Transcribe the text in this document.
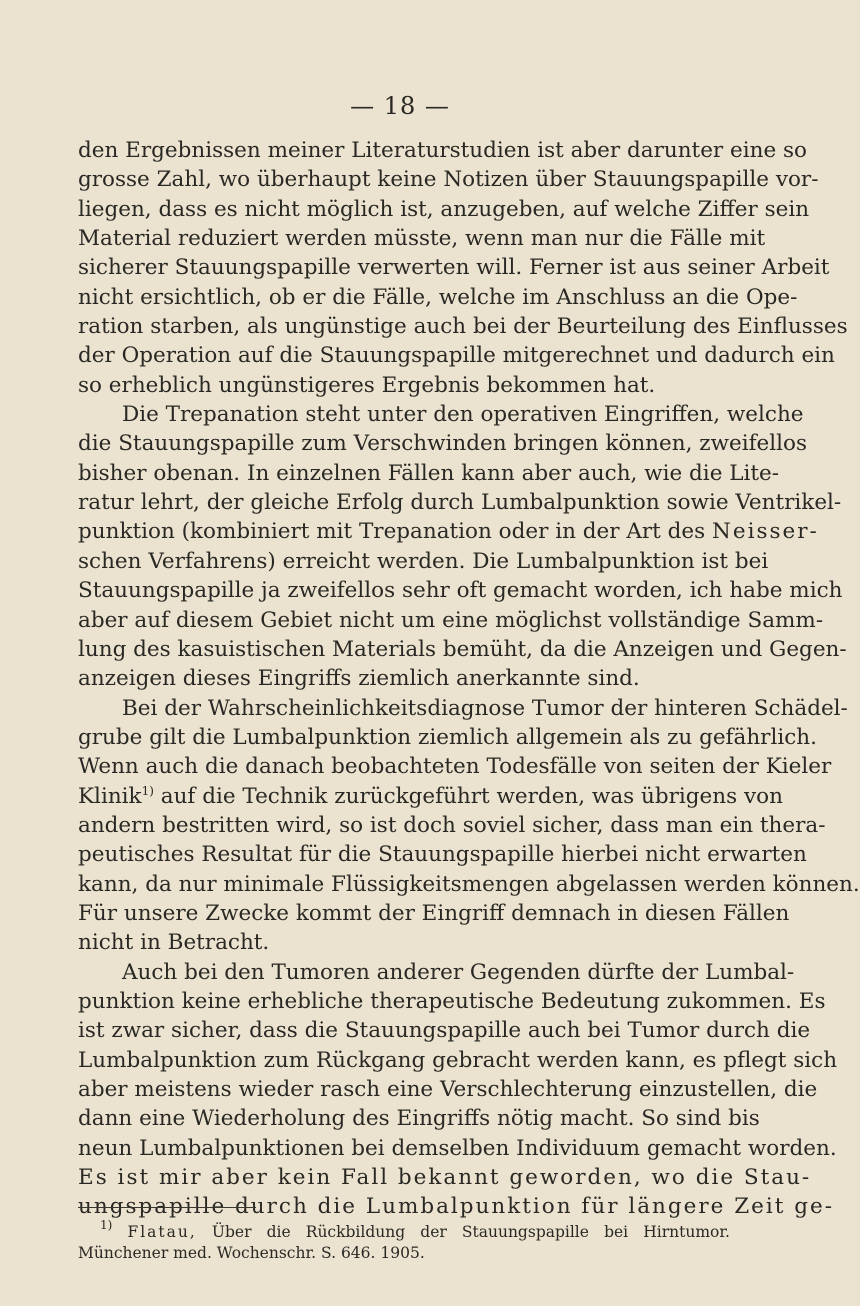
— 18 —
den Ergebnissen meiner Literaturstudien ist aber darunter eine so
grosse Zahl, wo überhaupt keine Notizen über Stauungspapille vor-
liegen, dass es nicht möglich ist, anzugeben, auf welche Ziffer sein
Material reduziert werden müsste, wenn man nur die Fälle mit
sicherer Stauungspapille verwerten will. Ferner ist aus seiner Arbeit
nicht ersichtlich, ob er die Fälle, welche im Anschluss an die Ope-
ration starben, als ungünstige auch bei der Beurteilung des Einflusses
der Operation auf die Stauungspapille mitgerechnet und dadurch ein
so erheblich ungünstigeres Ergebnis bekommen hat.
Die Trepanation steht unter den operativen Eingriffen, welche
die Stauungspapille zum Verschwinden bringen können, zweifellos
bisher obenan. In einzelnen Fällen kann aber auch, wie die Lite-
ratur lehrt, der gleiche Erfolg durch Lumbalpunktion sowie Ventrikel-
punktion (kombiniert mit Trepanation oder in der Art des Neisser-
schen Verfahrens) erreicht werden. Die Lumbalpunktion ist bei
Stauungspapille ja zweifellos sehr oft gemacht worden, ich habe mich
aber auf diesem Gebiet nicht um eine möglichst vollständige Samm-
lung des kasuistischen Materials bemüht, da die Anzeigen und Gegen-
anzeigen dieses Eingriffs ziemlich anerkannte sind.
Bei der Wahrscheinlichkeitsdiagnose Tumor der hinteren Schädel-
grube gilt die Lumbalpunktion ziemlich allgemein als zu gefährlich.
Wenn auch die danach beobachteten Todesfälle von seiten der Kieler
Klinik$^{1)}$ auf die Technik zurückgeführt werden, was übrigens von
andern bestritten wird, so ist doch soviel sicher, dass man ein thera-
peutisches Resultat für die Stauungspapille hierbei nicht erwarten
kann, da nur minimale Flüssigkeitsmengen abgelassen werden können.
Für unsere Zwecke kommt der Eingriff demnach in diesen Fällen
nicht in Betracht.
Auch bei den Tumoren anderer Gegenden dürfte der Lumbal-
punktion keine erhebliche therapeutische Bedeutung zukommen. Es
ist zwar sicher, dass die Stauungspapille auch bei Tumor durch die
Lumbalpunktion zum Rückgang gebracht werden kann, es pflegt sich
aber meistens wieder rasch eine Verschlechterung einzustellen, die
dann eine Wiederholung des Eingriffs nötig macht. So sind bis
neun Lumbalpunktionen bei demselben Individuum gemacht worden.
Es ist mir aber kein Fall bekannt geworden, wo die Stau-
ungspapille durch die Lumbalpunktion für längere Zeit ge-
$^{1)}$ Flatau, Über die Rückbildung der Stauungspapille bei Hirntumor.
Münchener med. Wochenschr. S. 646. 1905.
